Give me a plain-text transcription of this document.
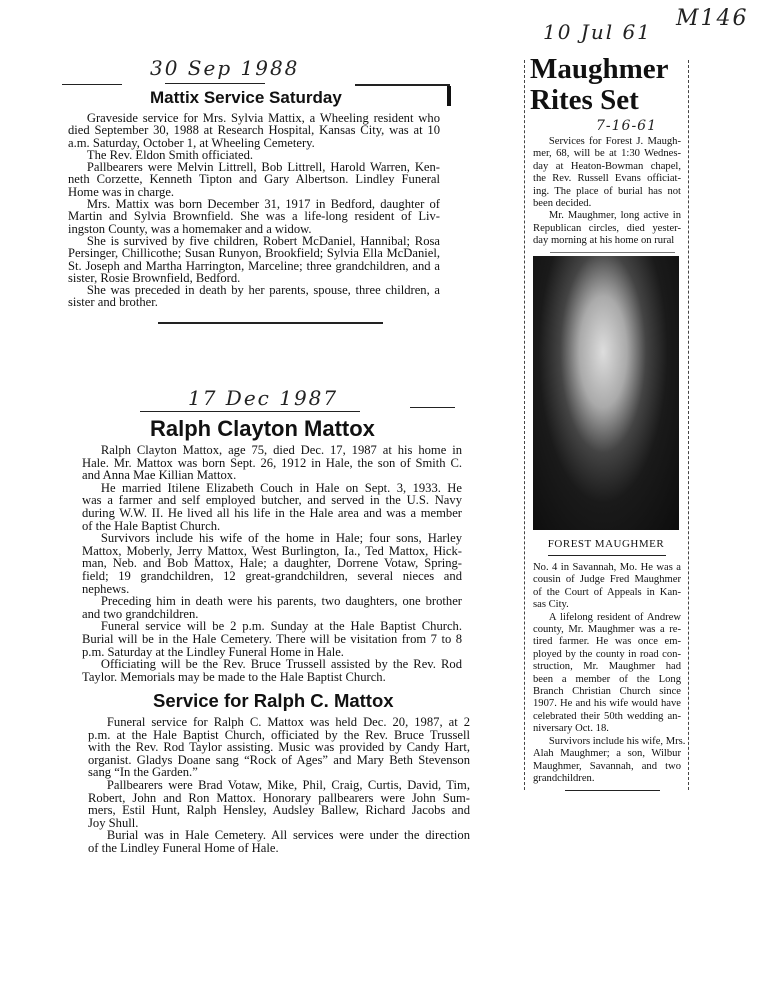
30 Sep 1988
17 Dec 1987
10 Jul 61
M146
Mattix Service Saturday
Graveside service for Mrs. Sylvia Mattix, a Wheeling resident who
died September 30, 1988 at Research Hospital, Kansas City, was at 10
a.m. Saturday, October 1, at Wheeling Cemetery.
The Rev. Eldon Smith officiated.
Pallbearers were Melvin Littrell, Bob Littrell, Harold Warren, Ken-
neth Corzette, Kenneth Tipton and Gary Albertson. Lindley Funeral
Home was in charge.
Mrs. Mattix was born December 31, 1917 in Bedford, daughter of
Martin and Sylvia Brownfield. She was a life-long resident of Liv-
ingston County, was a homemaker and a widow.
She is survived by five children, Robert McDaniel, Hannibal; Rosa
Persinger, Chillicothe; Susan Runyon, Brookfield; Sylvia Ella McDaniel,
St. Joseph and Martha Harrington, Marceline; three grandchildren, and a
sister, Rosie Brownfield, Bedford.
She was preceded in death by her parents, spouse, three children, a
sister and brother.
Ralph Clayton Mattox
Ralph Clayton Mattox, age 75, died Dec. 17, 1987 at his home in
Hale. Mr. Mattox was born Sept. 26, 1912 in Hale, the son of Smith C.
and Anna Mae Killian Mattox.
He married Itilene Elizabeth Couch in Hale on Sept. 3, 1933. He
was a farmer and self employed butcher, and served in the U.S. Navy
during W.W. II. He lived all his life in the Hale area and was a member
of the Hale Baptist Church.
Survivors include his wife of the home in Hale; four sons, Harley
Mattox, Moberly, Jerry Mattox, West Burlington, Ia., Ted Mattox, Hick-
man, Neb. and Bob Mattox, Hale; a daughter, Dorrene Votaw, Spring-
field; 19 grandchildren, 12 great-grandchildren, several nieces and
nephews.
Preceding him in death were his parents, two daughters, one brother
and two grandchildren.
Funeral service will be 2 p.m. Sunday at the Hale Baptist Church.
Burial will be in the Hale Cemetery. There will be visitation from 7 to 8
p.m. Saturday at the Lindley Funeral Home in Hale.
Officiating will be the Rev. Bruce Trussell assisted by the Rev. Rod
Taylor. Memorials may be made to the Hale Baptist Church.
Service for Ralph C. Mattox
Funeral service for Ralph C. Mattox was held Dec. 20, 1987, at 2
p.m. at the Hale Baptist Church, officiated by the Rev. Bruce Trussell
with the Rev. Rod Taylor assisting. Music was provided by Candy Hart,
organist. Gladys Doane sang “Rock of Ages” and Mary Beth Stevenson
sang “In the Garden.”
Pallbearers were Brad Votaw, Mike, Phil, Craig, Curtis, David, Tim,
Robert, John and Ron Mattox. Honorary pallbearers were John Sum-
mers, Estil Hunt, Ralph Hensley, Audsley Ballew, Richard Jacobs and
Joy Shull.
Burial was in Hale Cemetery. All services were under the direction
of the Lindley Funeral Home of Hale.
Maughmer
Rites Set
7-16-61
Services for Forest J. Maugh-
mer, 68, will be at 1:30 Wednes-
day at Heaton-Bowman chapel,
the Rev. Russell Evans officiat-
ing. The place of burial has not
been decided.
Mr. Maughmer, long active in
Republican circles, died yester-
day morning at his home on rural
FOREST MAUGHMER
No. 4 in Savannah, Mo. He was a
cousin of Judge Fred Maughmer
of the Court of Appeals in Kan-
sas City.
A lifelong resident of Andrew
county, Mr. Maughmer was a re-
tired farmer. He was once em-
ployed by the county in road con-
struction, Mr. Maughmer had
been a member of the Long
Branch Christian Church since
1907. He and his wife would have
celebrated their 50th wedding an-
niversary Oct. 18.
Survivors include his wife, Mrs.
Alah Maughmer; a son, Wilbur
Maughmer, Savannah, and two
grandchildren.
